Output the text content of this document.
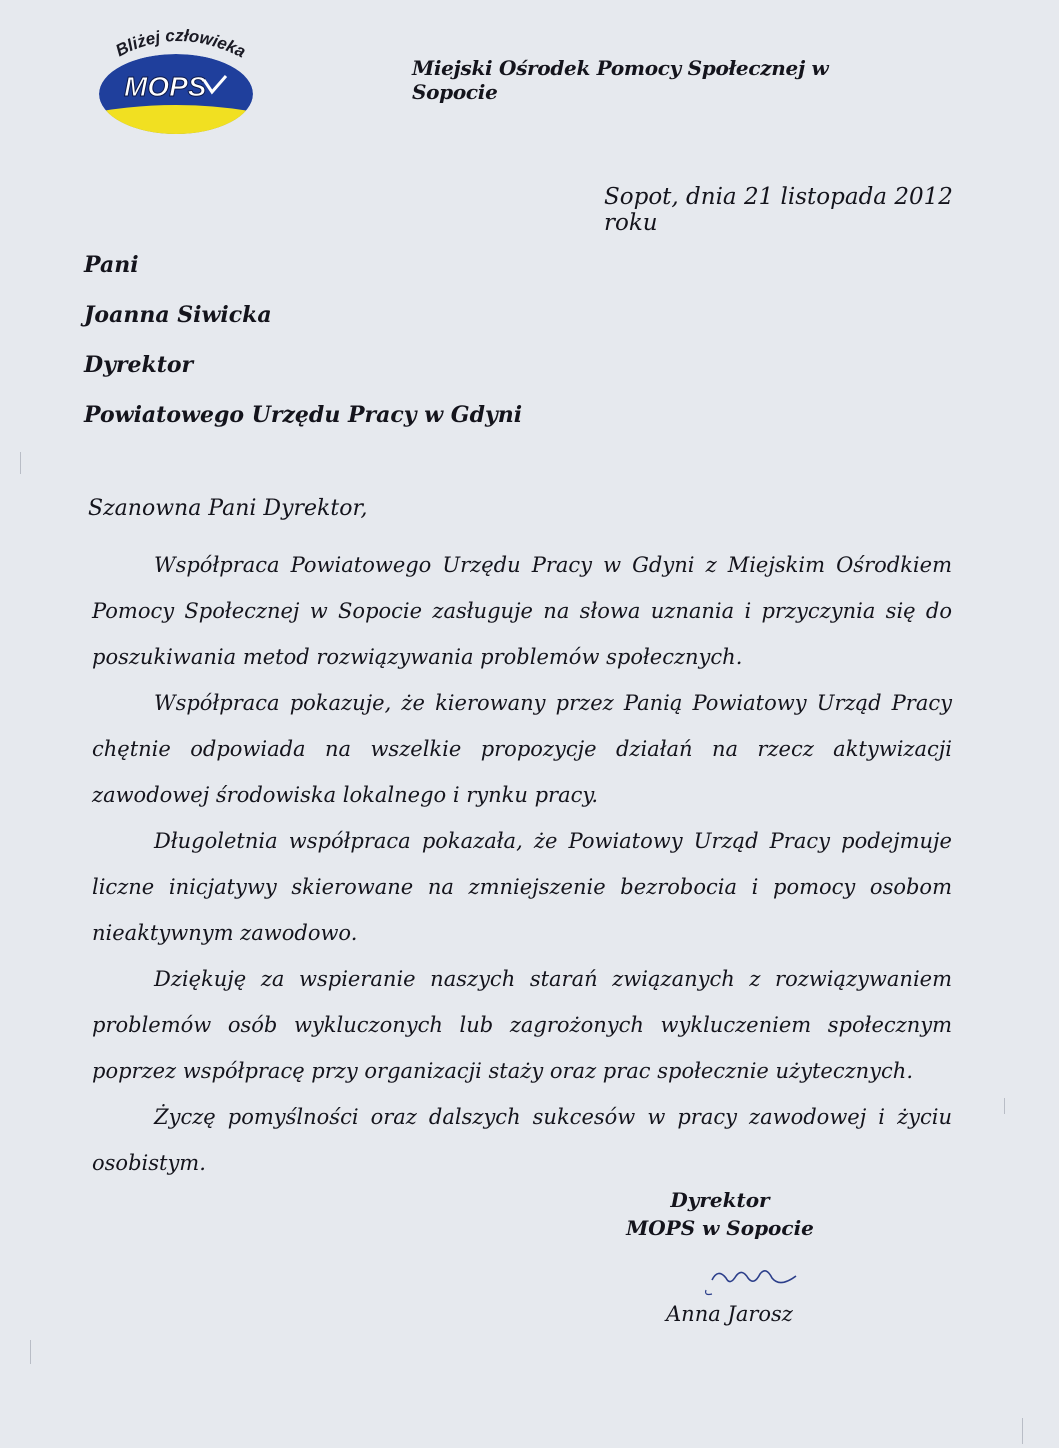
Bliżej człowieka
MOPS
Miejski Ośrodek Pomocy Społecznej w Sopocie
Sopot, dnia 21 listopada 2012 roku
Pani
Joanna Siwicka
Dyrektor
Powiatowego Urzędu Pracy w Gdyni
Szanowna Pani Dyrektor,

Współpraca Powiatowego Urzędu Pracy w Gdyni z Miejskim Ośrodkiem Pomocy Społecznej w Sopocie zasługuje na słowa uznania i przyczynia się do poszukiwania metod rozwiązywania problemów społecznych.

Współpraca pokazuje, że kierowany przez Panią Powiatowy Urząd Pracy chętnie odpowiada na wszelkie propozycje działań na rzecz aktywizacji zawodowej środowiska lokalnego i rynku pracy.

Długoletnia współpraca pokazała, że Powiatowy Urząd Pracy podejmuje liczne inicjatywy skierowane na zmniejszenie bezrobocia i pomocy osobom nieaktywnym zawodowo.

Dziękuję za wspieranie naszych starań związanych z rozwiązywaniem problemów osób wykluczonych lub zagrożonych wykluczeniem społecznym poprzez współpracę przy organizacji staży oraz prac społecznie użytecznych.

Życzę pomyślności oraz dalszych sukcesów w pracy zawodowej i życiu osobistym.

Dyrektor
MOPS w Sopocie
Anna Jarosz
